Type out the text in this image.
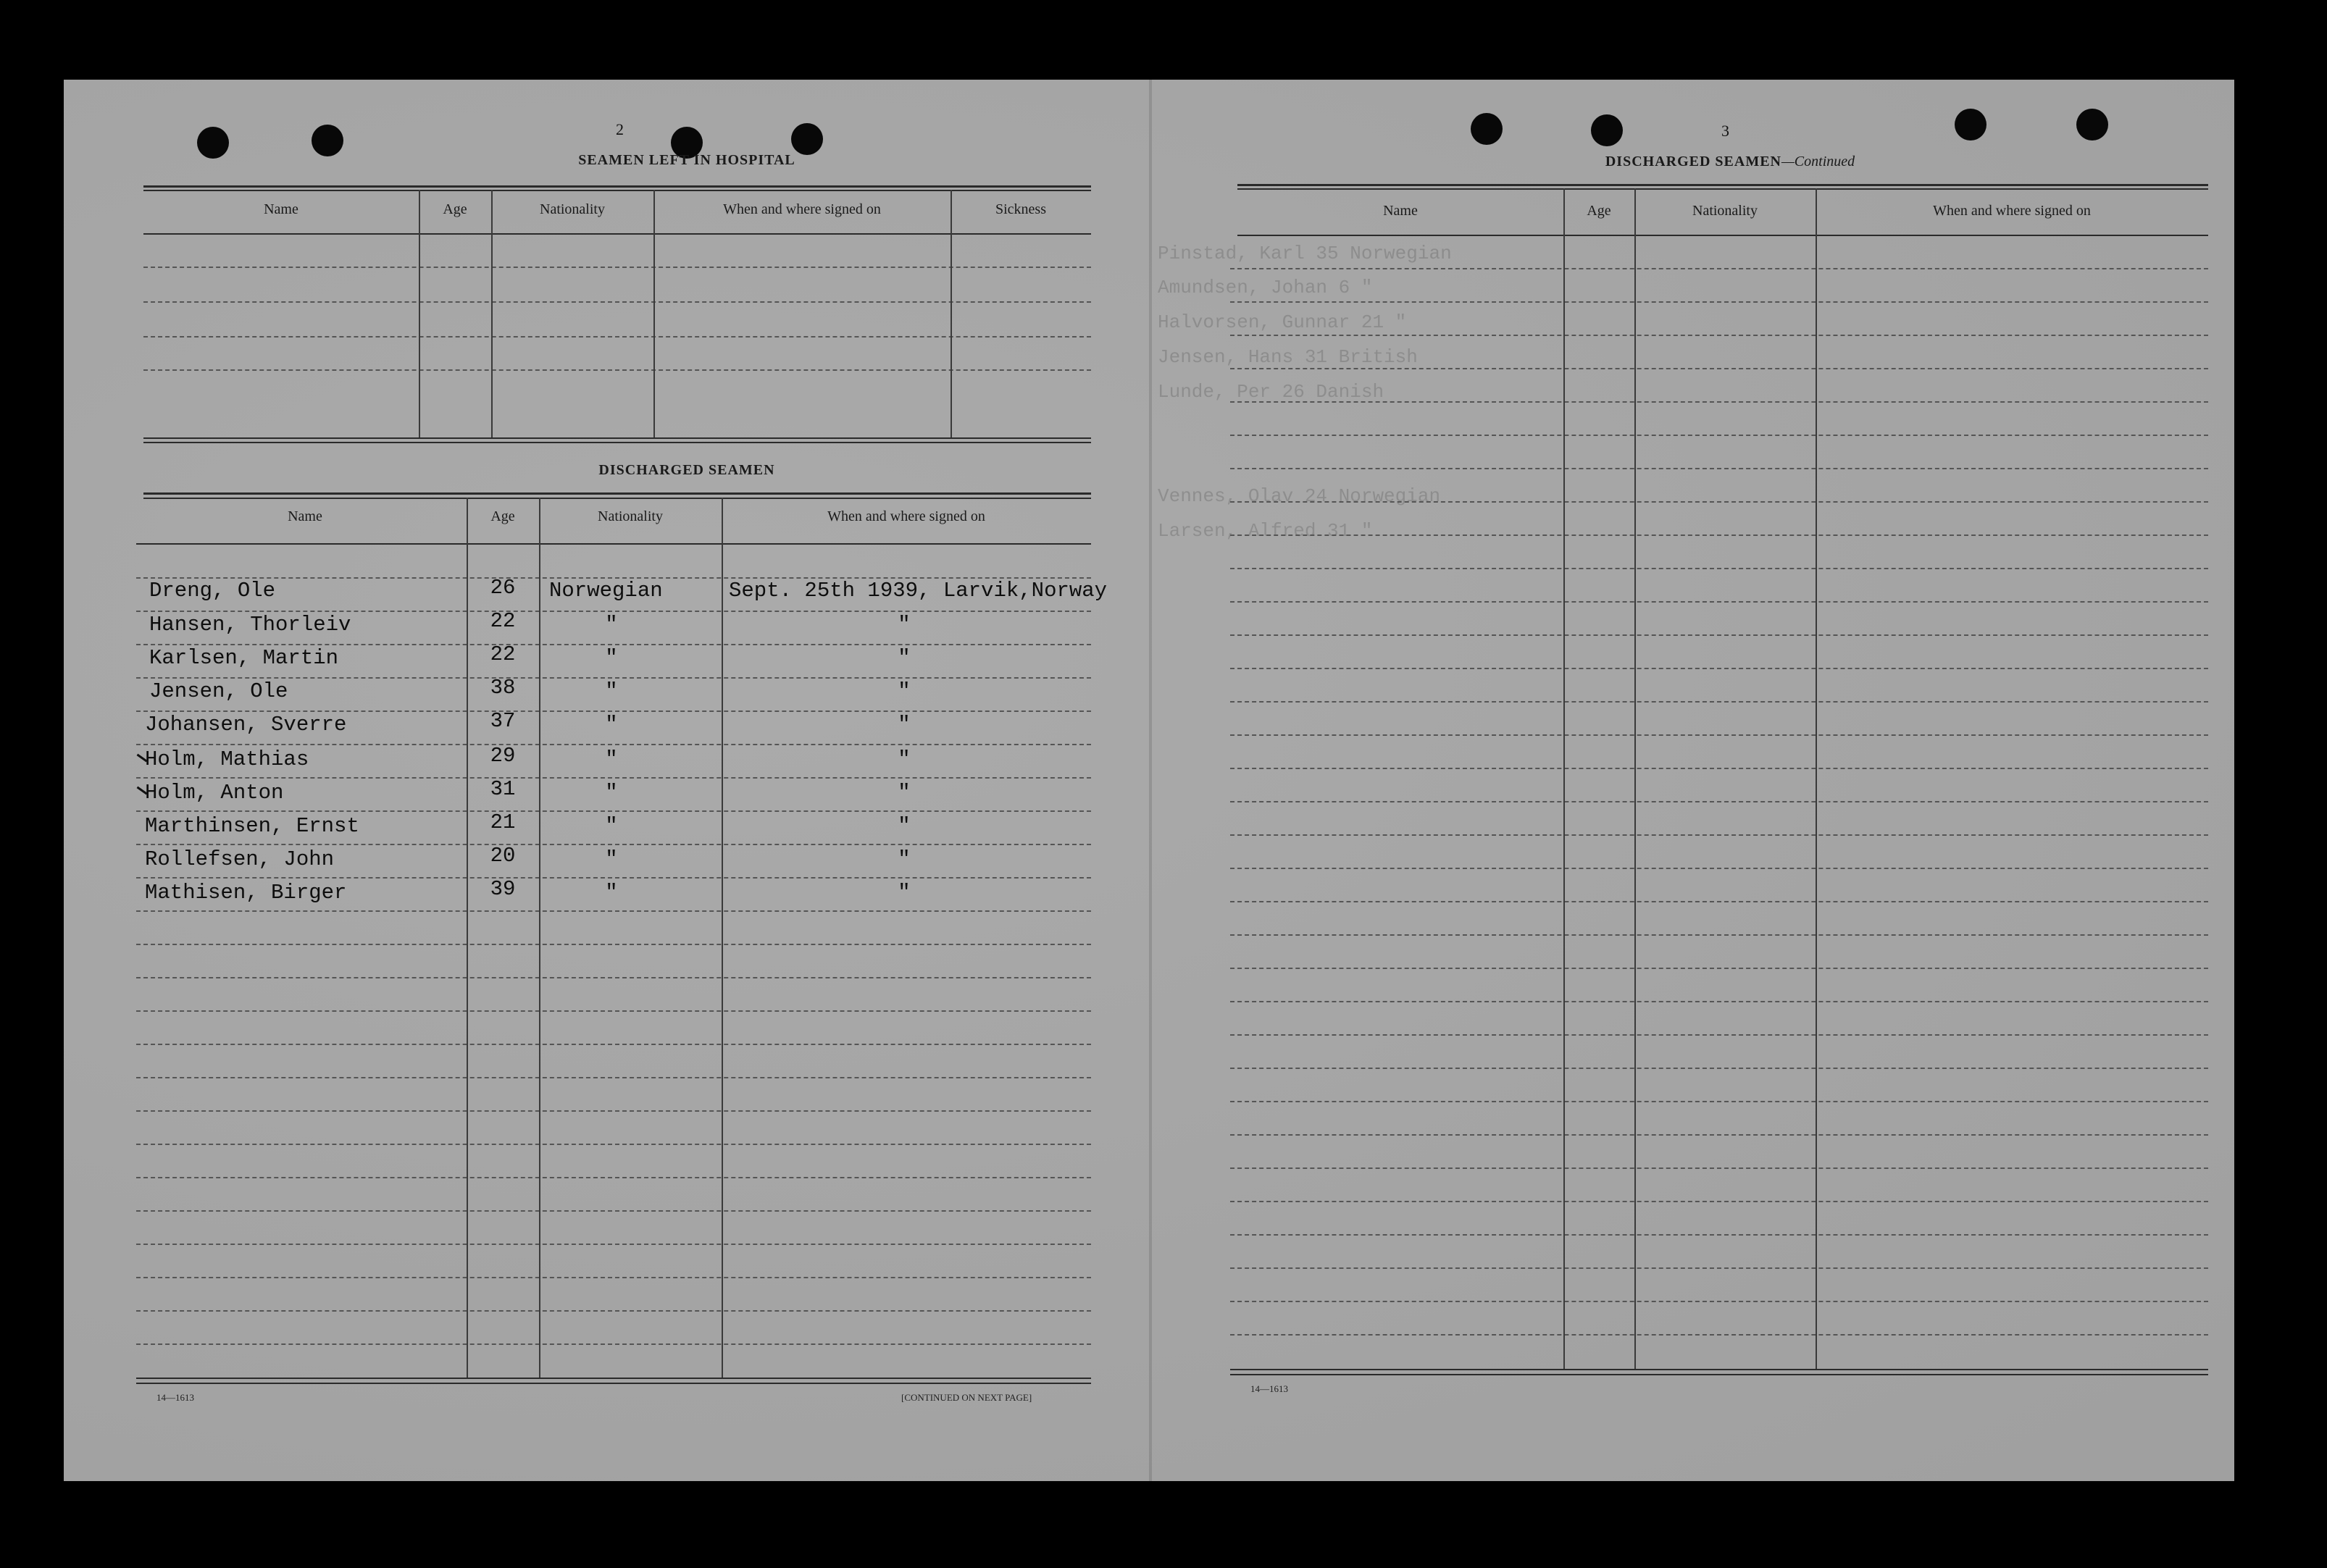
Pinstad, Karl 35 Norwegian
Amundsen, Johan 6 "
Halvorsen, Gunnar 21 "
Jensen, Hans 31 British
Lunde, Per 26 Danish
Vennes, Olav 24 Norwegian
Larsen, Alfred 31 "
2
SEAMEN LEFT IN HOSPITAL
Name	Age	Nationality	When and where signed on	Sickness
DISCHARGED SEAMEN
Name	Age	Nationality	When and where signed on
Dreng, Ole	26	Norwegian	Sept. 25th 1939, Larvik,Norway
Hansen, Thorleiv	22	"	"
Karlsen, Martin	22	"	"
Jensen, Ole	38	"	"
Johansen, Sverre	37	"	"
Holm, Mathias	29	"	"
Holm, Anton	31	"	"
Marthinsen, Ernst	21	"	"
Rollefsen, John	20	"	"
Mathisen, Birger	39	"	"
14—1613	[CONTINUED ON NEXT PAGE]
3
DISCHARGED SEAMEN—Continued
Name	Age	Nationality	When and where signed on
14—1613
